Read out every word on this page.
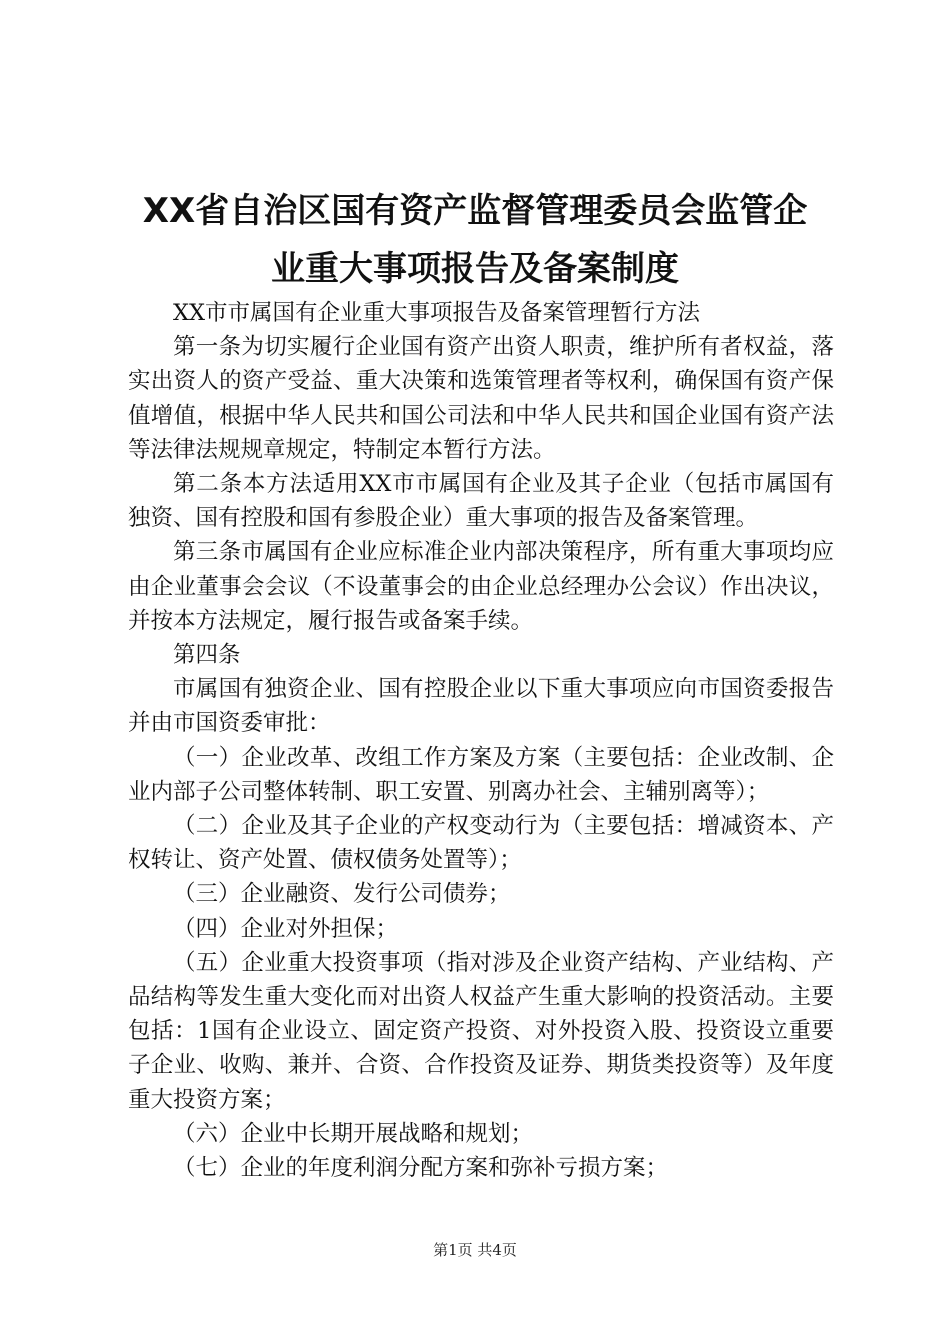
XX省自治区国有资产监督管理委员会监管企
业重大事项报告及备案制度

XX市市属国有企业重大事项报告及备案管理暂行方法

第一条为切实履行企业国有资产出资人职责，维护所有者权益，落实出资人的资产受益、重大决策和选策管理者等权利，确保国有资产保值增值，根据中华人民共和国公司法和中华人民共和国企业国有资产法等法律法规规章规定，特制定本暂行方法。

第二条本方法适用XX市市属国有企业及其子企业（包括市属国有独资、国有控股和国有参股企业）重大事项的报告及备案管理。

第三条市属国有企业应标准企业内部决策程序，所有重大事项均应由企业董事会会议（不设董事会的由企业总经理办公会议）作出决议，并按本方法规定，履行报告或备案手续。

第四条

市属国有独资企业、国有控股企业以下重大事项应向市国资委报告并由市国资委审批：

（一）企业改革、改组工作方案及方案（主要包括：企业改制、企业内部子公司整体转制、职工安置、别离办社会、主辅别离等）；

（二）企业及其子企业的产权变动行为（主要包括：增减资本、产权转让、资产处置、债权债务处置等）；

（三）企业融资、发行公司债券；

（四）企业对外担保；

（五）企业重大投资事项（指对涉及企业资产结构、产业结构、产品结构等发生重大变化而对出资人权益产生重大影响的投资活动。主要包括：1国有企业设立、固定资产投资、对外投资入股、投资设立重要子企业、收购、兼并、合资、合作投资及证券、期货类投资等）及年度重大投资方案；

（六）企业中长期开展战略和规划；

（七）企业的年度利润分配方案和弥补亏损方案；

第1页 共4页
